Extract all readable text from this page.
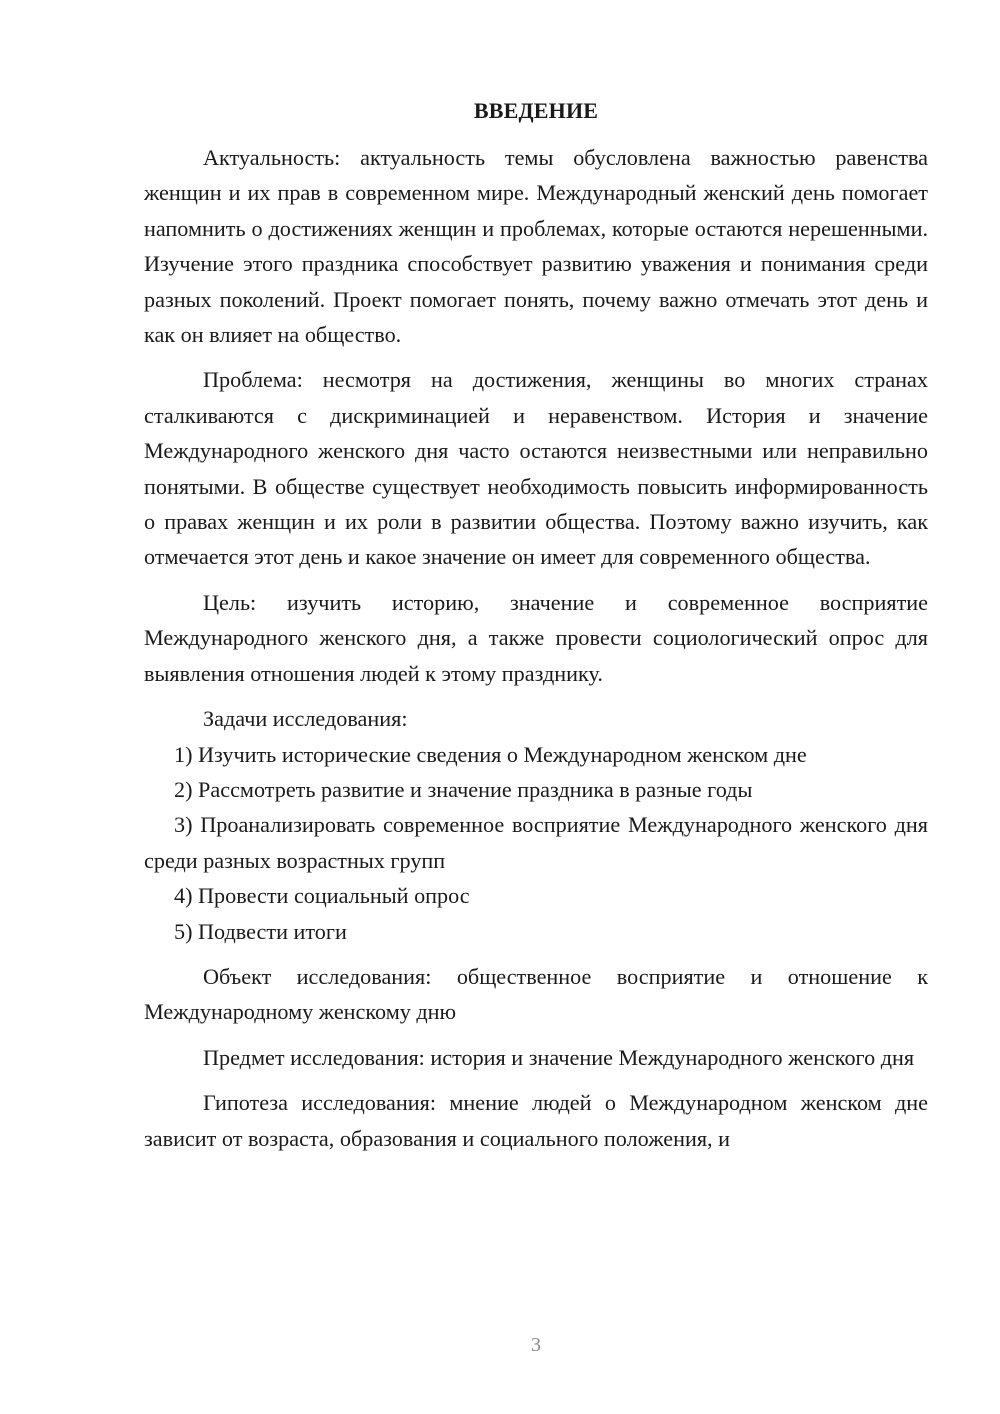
ВВЕДЕНИЕ

Актуальность: актуальность темы обусловлена важностью равенства женщин и их прав в современном мире. Международный женский день помогает напомнить о достижениях женщин и проблемах, которые остаются нерешенными. Изучение этого праздника способствует развитию уважения и понимания среди разных поколений. Проект помогает понять, почему важно отмечать этот день и как он влияет на общество.

Проблема: несмотря на достижения, женщины во многих странах сталкиваются с дискриминацией и неравенством. История и значение Международного женского дня часто остаются неизвестными или неправильно понятыми. В обществе существует необходимость повысить информированность о правах женщин и их роли в развитии общества. Поэтому важно изучить, как отмечается этот день и какое значение он имеет для современного общества.

Цель: изучить историю, значение и современное восприятие Международного женского дня, а также провести социологический опрос для выявления отношения людей к этому празднику.

Задачи исследования:

1) Изучить исторические сведения о Международном женском дне

2) Рассмотреть развитие и значение праздника в разные годы

3) Проанализировать современное восприятие Международного женского дня среди разных возрастных групп

4) Провести социальный опрос

5) Подвести итоги

Объект исследования: общественное восприятие и отношение к Международному женскому дню

Предмет исследования: история и значение Международного женского дня

Гипотеза исследования: мнение людей о Международном женском дне зависит от возраста, образования и социального положения, и

3
